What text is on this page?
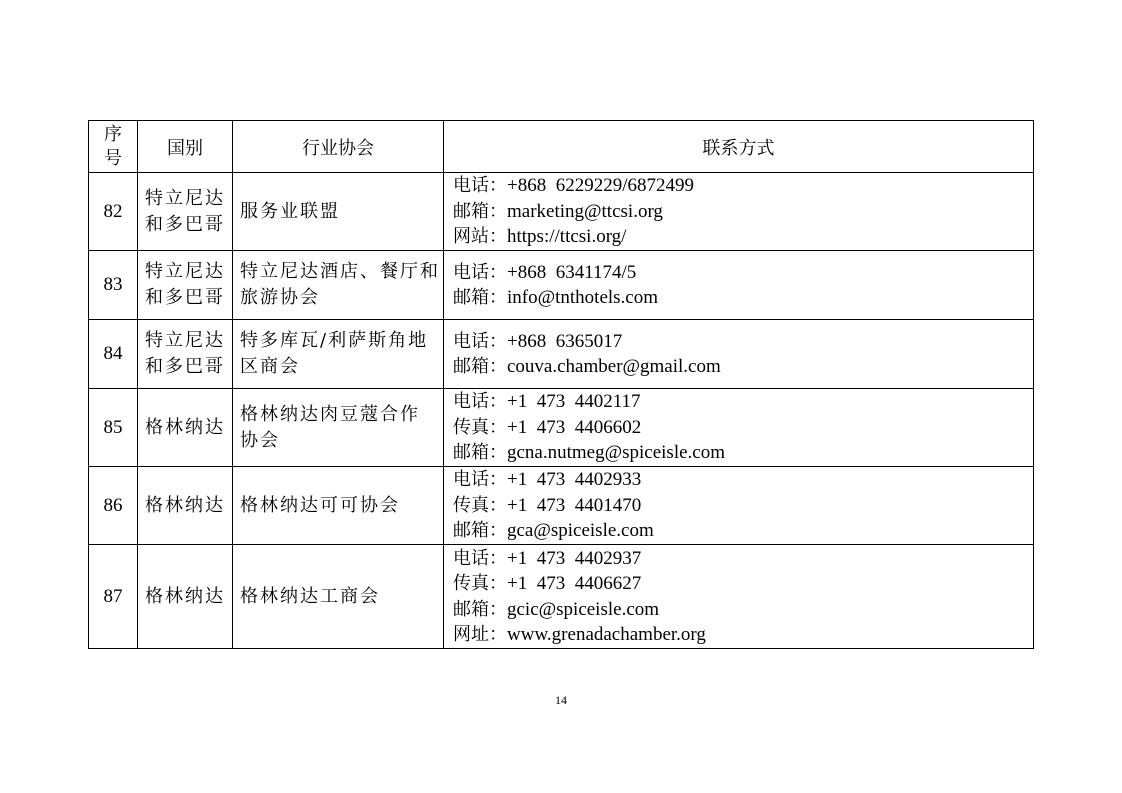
序
号	国别	行业协会	联系方式
82	特立尼达
和多巴哥	服务业联盟	电话：+868  6229229/6872499
邮箱：marketing@ttcsi.org
网站：https://ttcsi.org/

83	特立尼达
和多巴哥	特立尼达酒店、餐厅和
旅游协会	电话：+868  6341174/5
邮箱：info@tnthotels.com

84	特立尼达
和多巴哥	特多库瓦/利萨斯角地
区商会	电话：+868  6365017
邮箱：couva.chamber@gmail.com

85	格林纳达	格林纳达肉豆蔻合作
协会	电话：+1  473  4402117
传真：+1  473  4406602
邮箱：gcna.nutmeg@spiceisle.com

86	格林纳达	格林纳达可可协会	电话：+1  473  4402933
传真：+1  473  4401470
邮箱：gca@spiceisle.com

87	格林纳达	格林纳达工商会	电话：+1  473  4402937
传真：+1  473  4406627
邮箱：gcic@spiceisle.com
网址：www.grenadachamber.org
14
